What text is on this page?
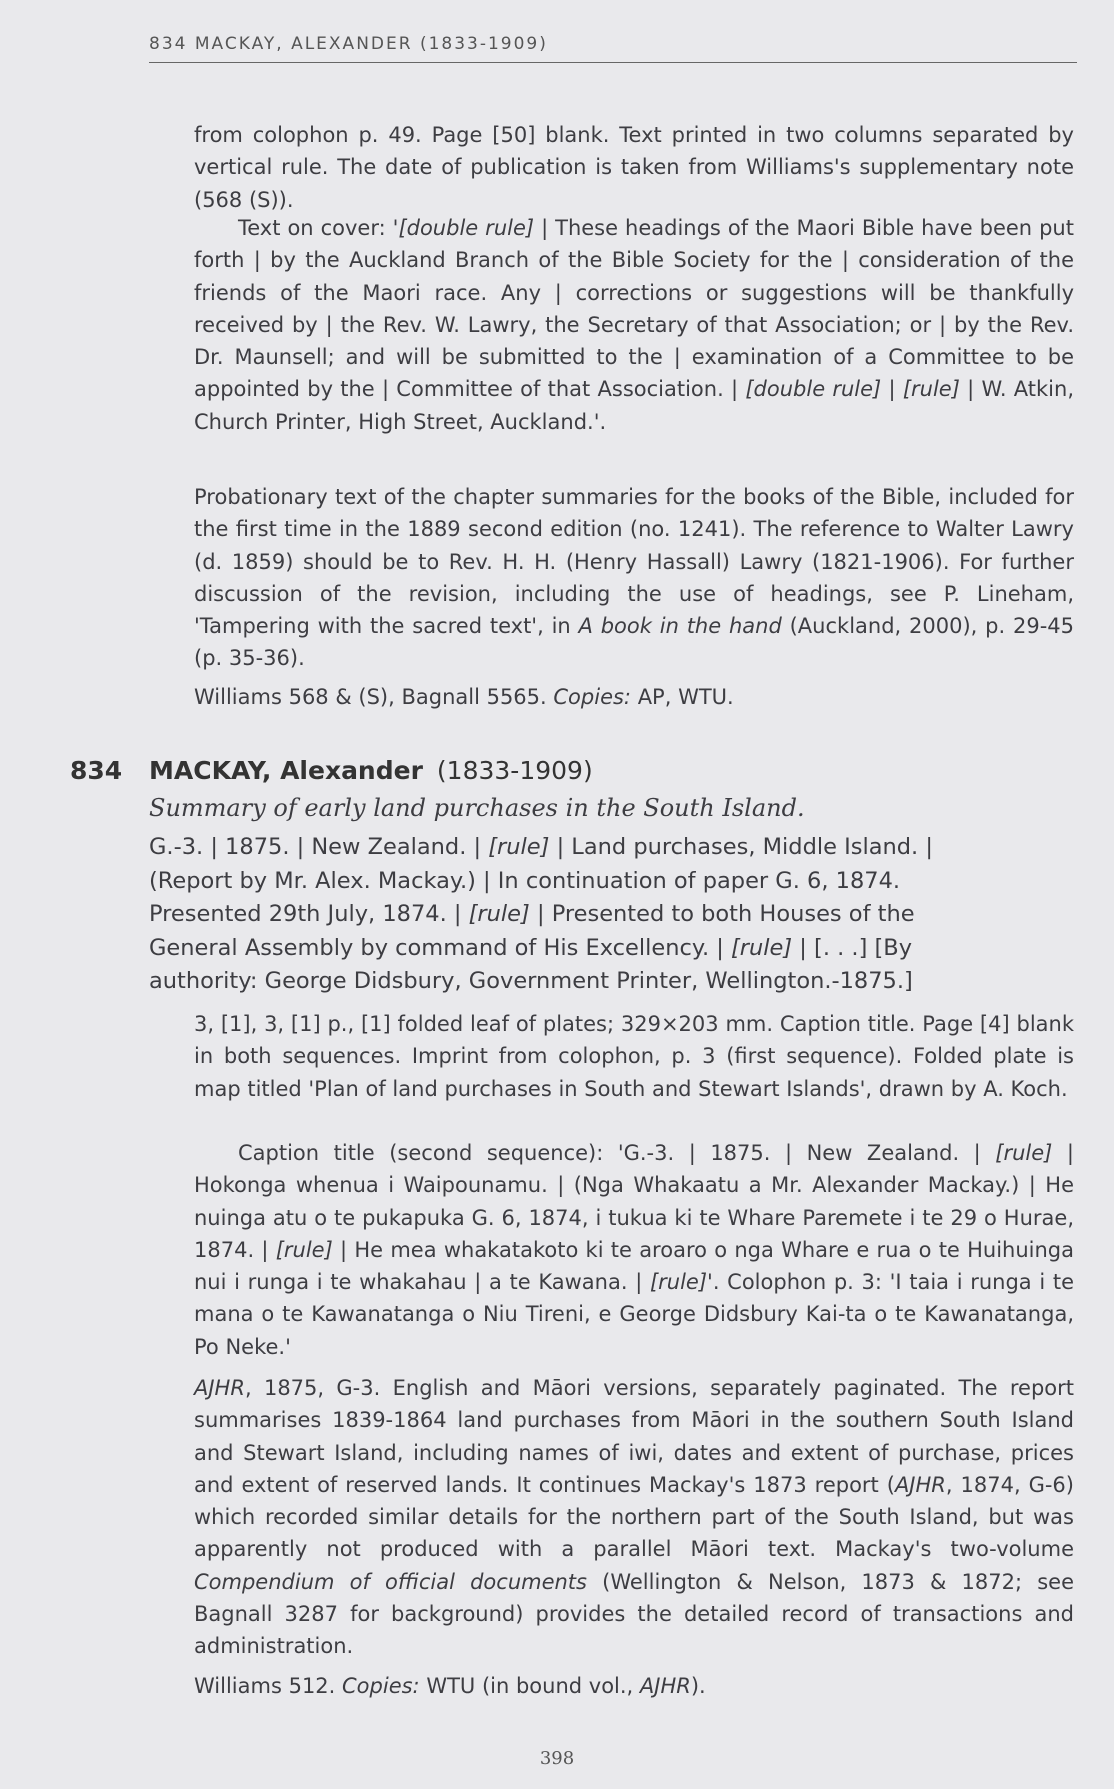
834 MACKAY, ALEXANDER (1833-1909)
from colophon p. 49. Page [50] blank. Text printed in two columns separated by vertical rule. The date of publication is taken from Williams's supplementary note (568 (S)).
Text on cover: '[double rule] | These headings of the Maori Bible have been put forth | by the Auckland Branch of the Bible Society for the | consideration of the friends of the Maori race. Any | corrections or suggestions will be thankfully received by | the Rev. W. Lawry, the Secretary of that Association; or | by the Rev. Dr. Maunsell; and will be submitted to the | examination of a Committee to be appointed by the | Committee of that Association. | [double rule] | [rule] | W. Atkin, Church Printer, High Street, Auckland.'.
Probationary text of the chapter summaries for the books of the Bible, included for the first time in the 1889 second edition (no. 1241). The reference to Walter Lawry (d. 1859) should be to Rev. H. H. (Henry Hassall) Lawry (1821-1906). For further discussion of the revision, including the use of headings, see P. Lineham, 'Tampering with the sacred text', in A book in the hand (Auckland, 2000), p. 29-45 (p. 35-36).
Williams 568 & (S), Bagnall 5565. Copies: AP, WTU.
834 MACKAY, Alexander (1833-1909)
Summary of early land purchases in the South Island.
G.-3. | 1875. | New Zealand. | [rule] | Land purchases, Middle Island. | (Report by Mr. Alex. Mackay.) | In continuation of paper G. 6, 1874. Presented 29th July, 1874. | [rule] | Presented to both Houses of the General Assembly by command of His Excellency. | [rule] | [. . .] [By authority: George Didsbury, Government Printer, Wellington.-1875.]
3, [1], 3, [1] p., [1] folded leaf of plates; 329×203 mm. Caption title. Page [4] blank in both sequences. Imprint from colophon, p. 3 (first sequence). Folded plate is map titled 'Plan of land purchases in South and Stewart Islands', drawn by A. Koch.
Caption title (second sequence): 'G.-3. | 1875. | New Zealand. | [rule] | Hokonga whenua i Waipounamu. | (Nga Whakaatu a Mr. Alexander Mackay.) | He nuinga atu o te pukapuka G. 6, 1874, i tukua ki te Whare Paremete i te 29 o Hurae, 1874. | [rule] | He mea whakatakoto ki te aroaro o nga Whare e rua o te Huihuinga nui i runga i te whakahau | a te Kawana. | [rule]'. Colophon p. 3: 'I taia i runga i te mana o te Kawanatanga o Niu Tireni, e George Didsbury Kai-ta o te Kawanatanga, Po Neke.'
AJHR, 1875, G-3. English and Māori versions, separately paginated. The report summarises 1839-1864 land purchases from Māori in the southern South Island and Stewart Island, including names of iwi, dates and extent of purchase, prices and extent of reserved lands. It continues Mackay's 1873 report (AJHR, 1874, G-6) which recorded similar details for the northern part of the South Island, but was apparently not produced with a parallel Māori text. Mackay's two-volume Compendium of official documents (Wellington & Nelson, 1873 & 1872; see Bagnall 3287 for background) provides the detailed record of transactions and administration.
Williams 512. Copies: WTU (in bound vol., AJHR).
398
